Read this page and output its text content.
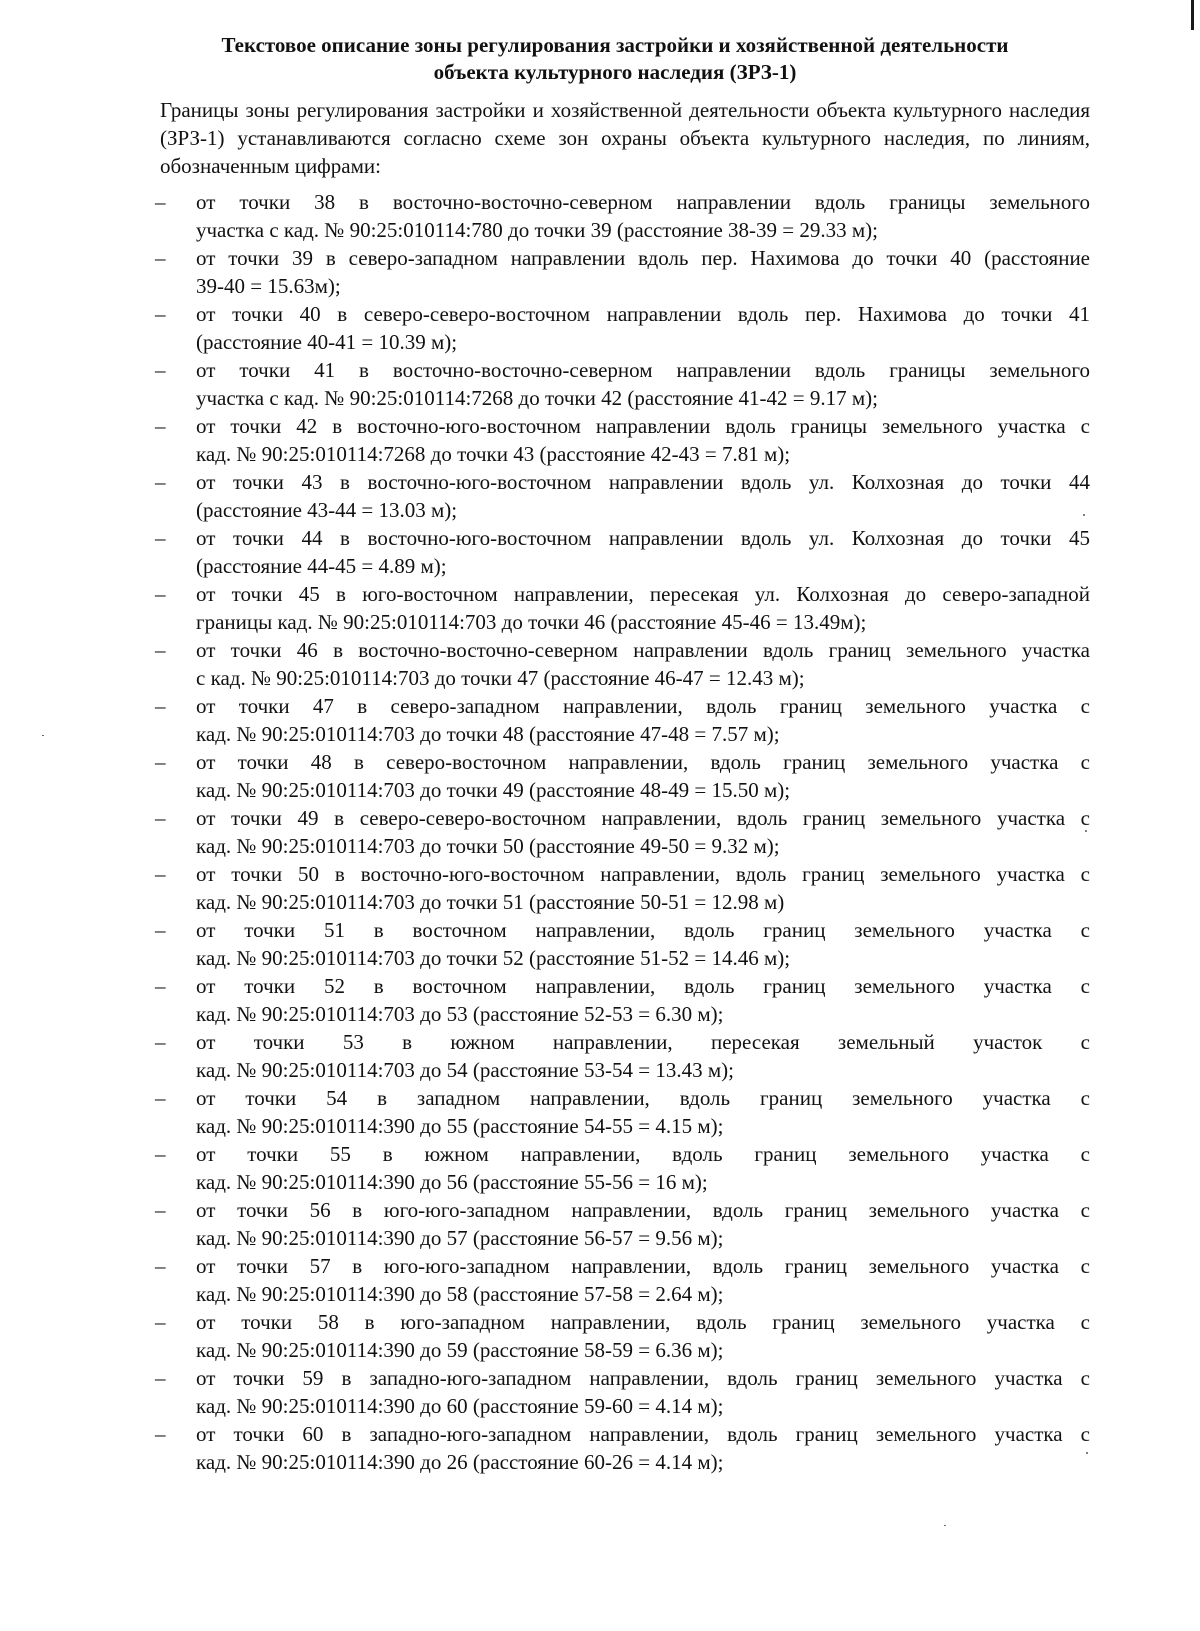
Текстовое описание зоны регулирования застройки и хозяйственной деятельности
объекта культурного наследия (ЗРЗ-1)

Границы зоны регулирования застройки и хозяйственной деятельности объекта культурного наследия (ЗРЗ-1) устанавливаются согласно схеме зон охраны объекта культурного наследия, по линиям, обозначенным цифрами:

–	от точки 38 в восточно-восточно-северном направлении вдоль границы земельного
участка с кад. № 90:25:010114:780 до точки 39 (расстояние 38-39 = 29.33 м);
–	от точки 39 в северо-западном направлении вдоль пер. Нахимова до точки 40 (расстояние
39-40 = 15.63м);
–	от точки 40 в северо-северо-восточном направлении вдоль пер. Нахимова до точки 41
(расстояние 40-41 = 10.39 м);
–	от точки 41 в восточно-восточно-северном направлении вдоль границы земельного
участка с кад. № 90:25:010114:7268 до точки 42 (расстояние 41-42 = 9.17 м);
–	от точки 42 в восточно-юго-восточном направлении вдоль границы земельного участка с
кад. № 90:25:010114:7268 до точки 43 (расстояние 42-43 = 7.81 м);
–	от точки 43 в восточно-юго-восточном направлении вдоль ул. Колхозная до точки 44
(расстояние 43-44 = 13.03 м);
–	от точки 44 в восточно-юго-восточном направлении вдоль ул. Колхозная до точки 45
(расстояние 44-45 = 4.89 м);
–	от точки 45 в юго-восточном направлении, пересекая ул. Колхозная до северо-западной
границы кад. № 90:25:010114:703 до точки 46 (расстояние 45-46 = 13.49м);
–	от точки 46 в восточно-восточно-северном направлении вдоль границ земельного участка
с кад. № 90:25:010114:703 до точки 47 (расстояние 46-47 = 12.43 м);
–	от точки 47 в северо-западном направлении, вдоль границ земельного участка с
кад. № 90:25:010114:703 до точки 48 (расстояние 47-48 = 7.57 м);
–	от точки 48 в северо-восточном направлении, вдоль границ земельного участка с
кад. № 90:25:010114:703 до точки 49 (расстояние 48-49 = 15.50 м);
–	от точки 49 в северо-северо-восточном направлении, вдоль границ земельного участка с
кад. № 90:25:010114:703 до точки 50 (расстояние 49-50 = 9.32 м);
–	от точки 50 в восточно-юго-восточном направлении, вдоль границ земельного участка с
кад. № 90:25:010114:703 до точки 51 (расстояние 50-51 = 12.98 м)
–	от точки 51 в восточном направлении, вдоль границ земельного участка с
кад. № 90:25:010114:703 до точки 52 (расстояние 51-52 = 14.46 м);
–	от точки 52 в восточном направлении, вдоль границ земельного участка с
кад. № 90:25:010114:703 до 53 (расстояние 52-53 = 6.30 м);
–	от точки 53 в южном направлении, пересекая земельный участок с
кад. № 90:25:010114:703 до 54 (расстояние 53-54 = 13.43 м);
–	от точки 54 в западном направлении, вдоль границ земельного участка с
кад. № 90:25:010114:390 до 55 (расстояние 54-55 = 4.15 м);
–	от точки 55 в южном направлении, вдоль границ земельного участка с
кад. № 90:25:010114:390 до 56 (расстояние 55-56 = 16 м);
–	от точки 56 в юго-юго-западном направлении, вдоль границ земельного участка с
кад. № 90:25:010114:390 до 57 (расстояние 56-57 = 9.56 м);
–	от точки 57 в юго-юго-западном направлении, вдоль границ земельного участка с
кад. № 90:25:010114:390 до 58 (расстояние 57-58 = 2.64 м);
–	от точки 58 в юго-западном направлении, вдоль границ земельного участка с
кад. № 90:25:010114:390 до 59 (расстояние 58-59 = 6.36 м);
–	от точки 59 в западно-юго-западном направлении, вдоль границ земельного участка с
кад. № 90:25:010114:390 до 60 (расстояние 59-60 = 4.14 м);
–	от точки 60 в западно-юго-западном направлении, вдоль границ земельного участка с
кад. № 90:25:010114:390 до 26 (расстояние 60-26 = 4.14 м);
